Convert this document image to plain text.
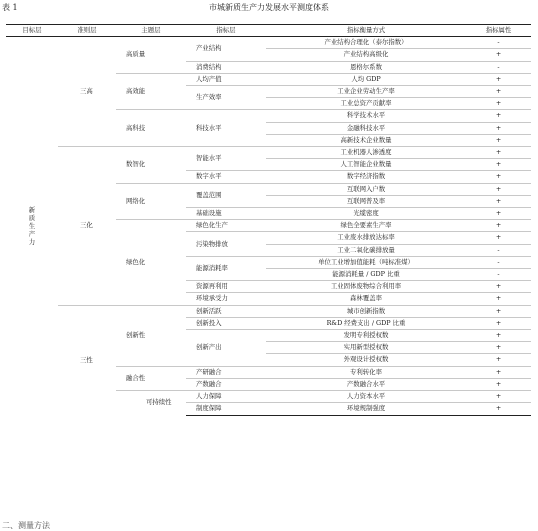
表 1	市城新质生产力发展水平测度体系
目标层	准则层	主题层	指标层	指标衡量方式	指标属性
新质生产力	三高	高质量	产业结构	产业结构合理化（泰尔指数）	-
				产业结构高级化	+
			消费结构	恩格尔系数	-
		高效能	人均产值	人均 GDP	+
			生产效率	工业企业劳动生产率	+
				工业总资产贡献率	+
		高科技	科技水平	科学技术水平	+
				金融科技水平	+
				高新技术企业数量	+
	三化	数智化	智能水平	工业机器人渗透度	+
				人工智能企业数量	+
			数字水平	数字经济指数	+
		网络化	覆盖范围	互联网入户数	+
				互联网普及率	+
			基础设施	光缆密度	+
		绿色化	绿色化生产	绿色全要素生产率	+
			污染物排放	工业废水排放达标率	+
				工业二氧化碳排放量	-
			能源消耗率	单位工业增加值能耗（吨标准煤）	-
				能源消耗量 ∕ GDP 比重	-
			资源再利用	工业固体废物综合利用率	+
			环境承受力	森林覆盖率	+
	三性	创新性	创新活跃	城市创新指数	+
			创新投入	R&D 经费支出 ∕ GDP 比重	+
			创新产出	发明专利授权数	+
				实用新型授权数	+
				外观设计授权数	+
		融合性	产研融合	专利转化率	+
			产数融合	产数融合水平	+
		可持续性	人力保障	人力资本水平	+
			制度保障	环境规制强度	+
二、测量方法
